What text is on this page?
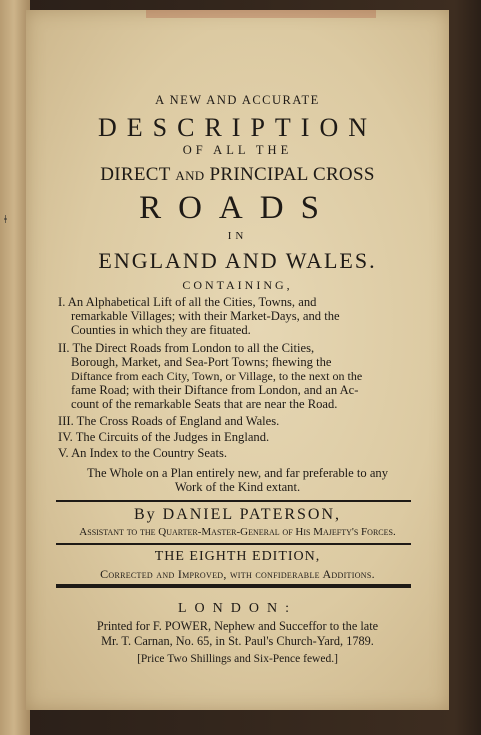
ǂ
A NEW AND ACCURATE
DESCRIPTION
OF ALL THE
DIRECT and PRINCIPAL CROSS
ROADS
IN
ENGLAND AND WALES.
CONTAINING,
I. An Alphabetical Lift of all the Cities, Towns, and
remarkable Villages; with their Market-Days, and the
Counties in which they are fituated.
II. The Direct Roads from London to all the Cities,
Borough, Market, and Sea-Port Towns; fhewing the
Diftance from each City, Town, or Village, to the next on the
fame Road; with their Diftance from London, and an Ac-
count of the remarkable Seats that are near the Road.
III. The Cross Roads of England and Wales.
IV. The Circuits of the Judges in England.
V. An Index to the Country Seats.
The Whole on a Plan entirely new, and far preferable to any
Work of the Kind extant.
By DANIEL PATERSON,
Assistant to the Quarter-Master-General of His Majefty's Forces.
THE EIGHTH EDITION,
Corrected and Improved, with confiderable Additions.
LONDON:
Printed for F. POWER, Nephew and Succeffor to the late
Mr. T. Carnan, No. 65, in St. Paul's Church-Yard, 1789.
[Price Two Shillings and Six-Pence fewed.]
